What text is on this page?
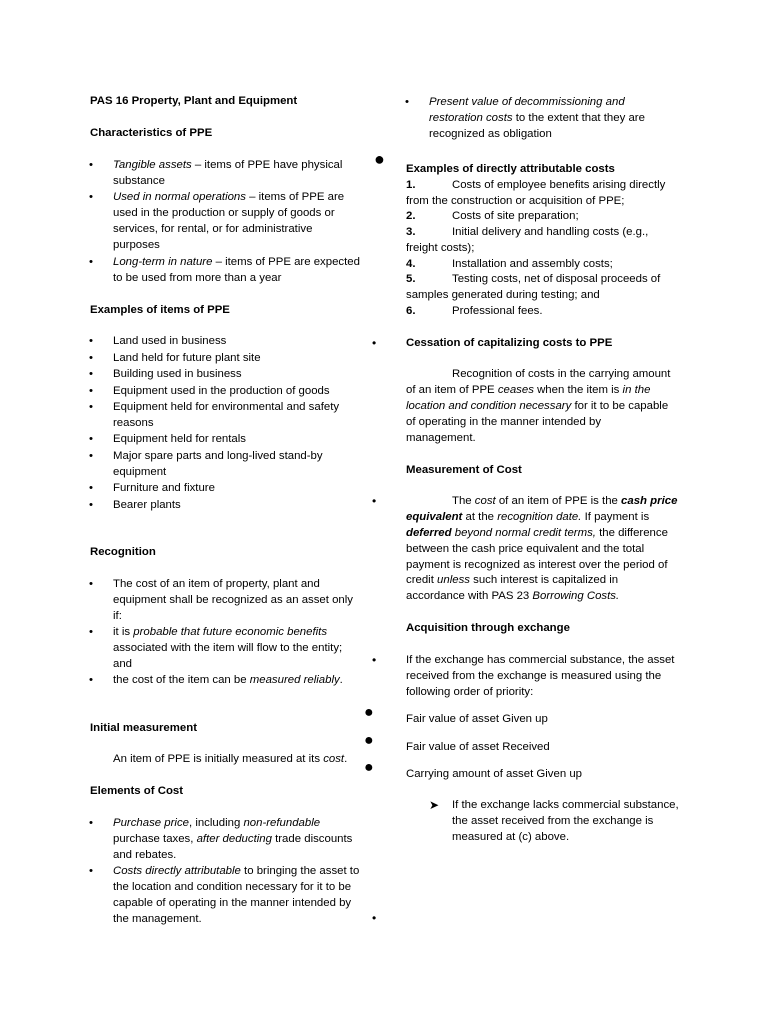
PAS 16 Property, Plant and Equipment
Characteristics of PPE
• Tangible assets – items of PPE have physical substance
• Used in normal operations – items of PPE are used in the production or supply of goods or services, for rental, or for administrative purposes
• Long-term in nature – items of PPE are expected to be used from more than a year
Examples of items of PPE
• Land used in business
• Land held for future plant site
• Building used in business
• Equipment used in the production of goods
• Equipment held for environmental and safety reasons
• Equipment held for rentals
• Major spare parts and long-lived stand-by equipment
• Furniture and fixture
• Bearer plants
Recognition
• The cost of an item of property, plant and equipment shall be recognized as an asset only if:
• it is probable that future economic benefits associated with the item will flow to the entity; and
• the cost of the item can be measured reliably.
Initial measurement
An item of PPE is initially measured at its cost.
Elements of Cost
• Purchase price, including non-refundable purchase taxes, after deducting trade discounts and rebates.
• Costs directly attributable to bringing the asset to the location and condition necessary for it to be capable of operating in the manner intended by the management.
• Present value of decommissioning and restoration costs to the extent that they are recognized as obligation
● Examples of directly attributable costs
1.	Costs of employee benefits arising directly
from the construction or acquisition of PPE;
2.	Costs of site preparation;
3.	Initial delivery and handling costs (e.g.,
freight costs);
4.	Installation and assembly costs;
5.	Testing costs, net of disposal proceeds of
samples generated during testing; and
6.	Professional fees.
•	Cessation of capitalizing costs to PPE
Recognition of costs in the carrying amount
of an item of PPE ceases when the item is in the
location and condition necessary for it to be capable
of operating in the manner intended by
management.
Measurement of Cost
•	The cost of an item of PPE is the cash price
equivalent at the recognition date. If payment is
deferred beyond normal credit terms, the difference
between the cash price equivalent and the total
payment is recognized as interest over the period of
credit unless such interest is capitalized in
accordance with PAS 23 Borrowing Costs.
Acquisition through exchange
•	If the exchange has commercial substance, the asset received from the exchange is measured using the following order of priority:
●	Fair value of asset Given up
●	Fair value of asset Received
●	Carrying amount of asset Given up
➤ If the exchange lacks commercial substance, the asset received from the exchange is measured at (c) above.
•
